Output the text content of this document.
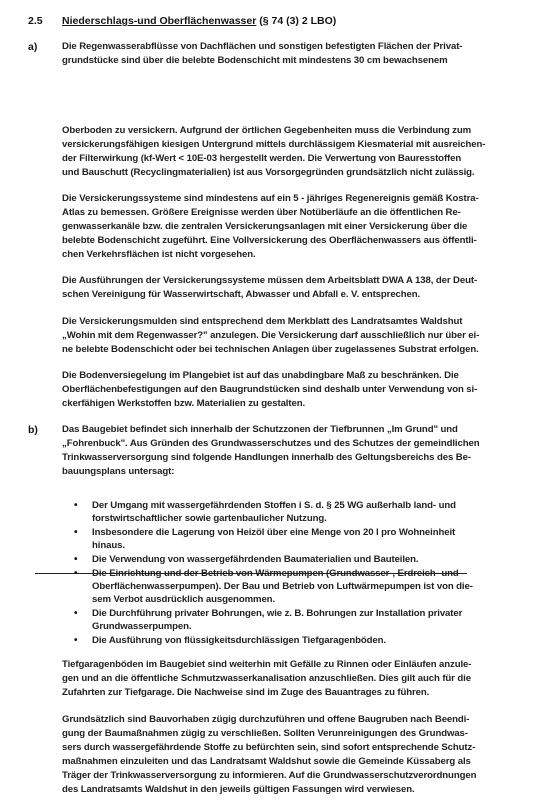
2.5 Niederschlags-und Oberflächenwasser (§ 74 (3) 2 LBO)
a)	Die Regenwasserabflüsse von Dachflächen und sonstigen befestigten Flächen der Privat-
grundstücke sind über die belebte Bodenschicht mit mindestens 30 cm bewachsenem
Oberboden zu versickern. Aufgrund der örtlichen Gegebenheiten muss die Verbindung zum
versickerungsfähigen kiesigen Untergrund mittels durchlässigem Kiesmaterial mit ausreichen-
der Filterwirkung (kf-Wert < 10E-03 hergestellt werden. Die Verwertung von Bauresstoffen
und Bauschutt (Recyclingmaterialien) ist aus Vorsorgegründen grundsätzlich nicht zulässig.
Die Versickerungssysteme sind mindestens auf ein 5 - jähriges Regenereignis gemäß Kostra-
Atlas zu bemessen. Größere Ereignisse werden über Notüberläufe an die öffentlichen Re-
genwasserkanäle bzw. die zentralen Versickerungsanlagen mit einer Versickerung über die
belebte Bodenschicht zugeführt. Eine Vollversickerung des Oberflächenwassers aus öffentli-
chen Verkehrsflächen ist nicht vorgesehen.
Die Ausführungen der Versickerungssysteme müssen dem Arbeitsblatt DWA A 138, der Deut-
schen Vereinigung für Wasserwirtschaft, Abwasser und Abfall e. V. entsprechen.
Die Versickerungsmulden sind entsprechend dem Merkblatt des Landratsamtes Waldshut
„Wohin mit dem Regenwasser?" anzulegen. Die Versickerung darf ausschließlich nur über ei-
ne belebte Bodenschicht oder bei technischen Anlagen über zugelassenes Substrat erfolgen.
Die Bodenversiegelung im Plangebiet ist auf das unabdingbare Maß zu beschränken. Die
Oberflächenbefestigungen auf den Baugrundstücken sind deshalb unter Verwendung von si-
ckerfähigen Werkstoffen bzw. Materialien zu gestalten.
b)	Das Baugebiet befindet sich innerhalb der Schutzzonen der Tiefbrunnen „Im Grund" und
„Fohrenbuck". Aus Gründen des Grundwasserschutzes und des Schutzes der gemeindlichen
Trinkwasserversorgung sind folgende Handlungen innerhalb des Geltungsbereichs des Be-
bauungsplans untersagt:
• Der Umgang mit wassergefährdenden Stoffen i S. d. § 25 WG außerhalb land- und
forstwirtschaftlicher sowie gartenbaulicher Nutzung.
• Insbesondere die Lagerung von Heizöl über eine Menge von 20 l pro Wohneinheit
hinaus.
• Die Verwendung von wassergefährdenden Baumaterialien und Bauteilen.
Oberflächenwasserpumpen). Der Bau und Betrieb von Luftwärmepumpen ist von die-
sem Verbot ausdrücklich ausgenommen.
• Die Durchführung privater Bohrungen, wie z. B. Bohrungen zur Installation privater
Grundwasserpumpen.
• Die Ausführung von flüssigkeitsdurchlässigen Tiefgaragenböden.
Tiefgaragenböden im Baugebiet sind weiterhin mit Gefälle zu Rinnen oder Einläufen anzule-
gen und an die öffentliche Schmutzwasserkanalisation anzuschließen. Dies gilt auch für die
Zufahrten zur Tiefgarage. Die Nachweise sind im Zuge des Bauantrages zu führen.
Grundsätzlich sind Bauvorhaben zügig durchzuführen und offene Baugruben nach Beendi-
gung der Baumaßnahmen zügig zu verschließen. Sollten Verunreinigungen des Grundwas-
sers durch wassergefährdende Stoffe zu befürchten sein, sind sofort entsprechende Schutz-
maßnahmen einzuleiten und das Landratsamt Waldshut sowie die Gemeinde Küssaberg als
Träger der Trinkwasserversorgung zu informieren. Auf die Grundwasserschutzverordnungen
des Landratsamts Waldshut in den jeweils gültigen Fassungen wird verwiesen.
